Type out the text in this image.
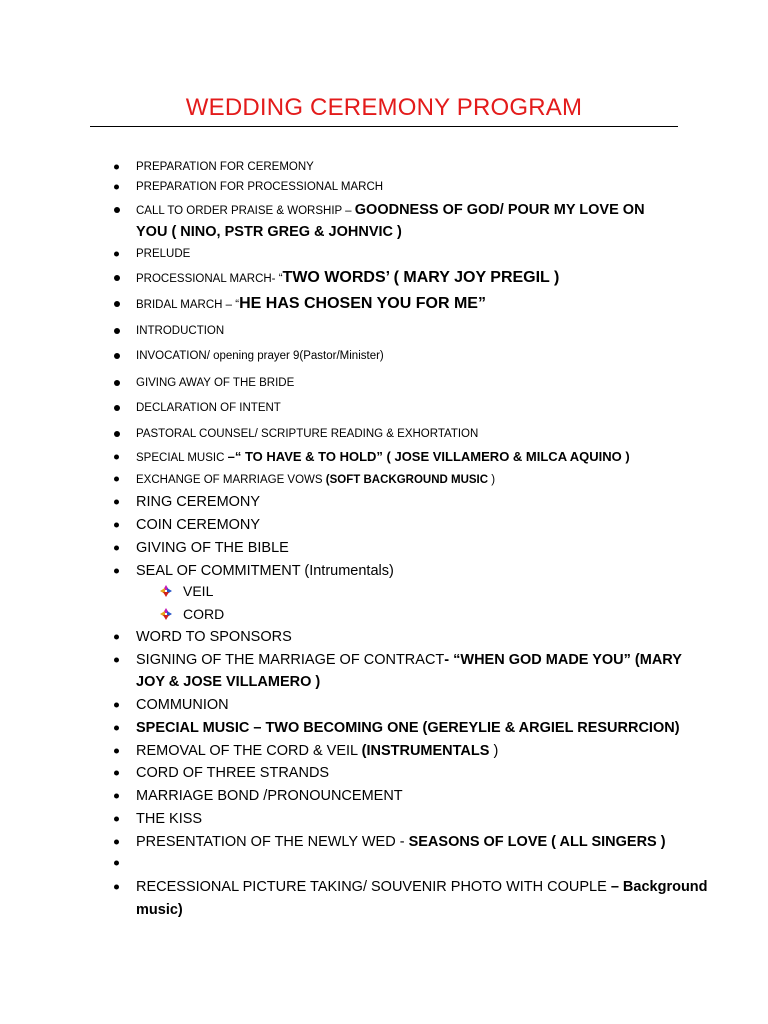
WEDDING CEREMONY PROGRAM
PREPARATION FOR CEREMONY
PREPARATION FOR PROCESSIONAL MARCH
CALL TO ORDER PRAISE & WORSHIP – GOODNESS OF GOD/ POUR MY LOVE ON
YOU ( NINO, PSTR GREG & JOHNVIC )
PRELUDE
PROCESSIONAL MARCH- “TWO WORDS’ ( MARY JOY PREGIL )
BRIDAL MARCH – “HE HAS CHOSEN YOU FOR ME”
INTRODUCTION
INVOCATION/ opening prayer 9(Pastor/Minister)
GIVING AWAY OF THE BRIDE
DECLARATION OF INTENT
PASTORAL COUNSEL/ SCRIPTURE READING & EXHORTATION
SPECIAL MUSIC –“ TO HAVE & TO HOLD” ( JOSE VILLAMERO & MILCA AQUINO )
EXCHANGE OF MARRIAGE VOWS (SOFT BACKGROUND MUSIC )
RING CEREMONY
COIN CEREMONY
GIVING OF THE BIBLE
SEAL OF COMMITMENT (Intrumentals)
VEIL
CORD
WORD TO SPONSORS
SIGNING OF THE MARRIAGE OF CONTRACT- “WHEN GOD MADE YOU” (MARY
JOY & JOSE VILLAMERO )
COMMUNION
SPECIAL MUSIC – TWO BECOMING ONE (GEREYLIE & ARGIEL RESURRCION)
REMOVAL OF THE CORD & VEIL (INSTRUMENTALS )
CORD OF THREE STRANDS
MARRIAGE BOND /PRONOUNCEMENT
THE KISS
PRESENTATION OF THE NEWLY WED - SEASONS OF LOVE ( ALL SINGERS )
RECESSIONAL PICTURE TAKING/ SOUVENIR PHOTO WITH COUPLE – Background
music)
